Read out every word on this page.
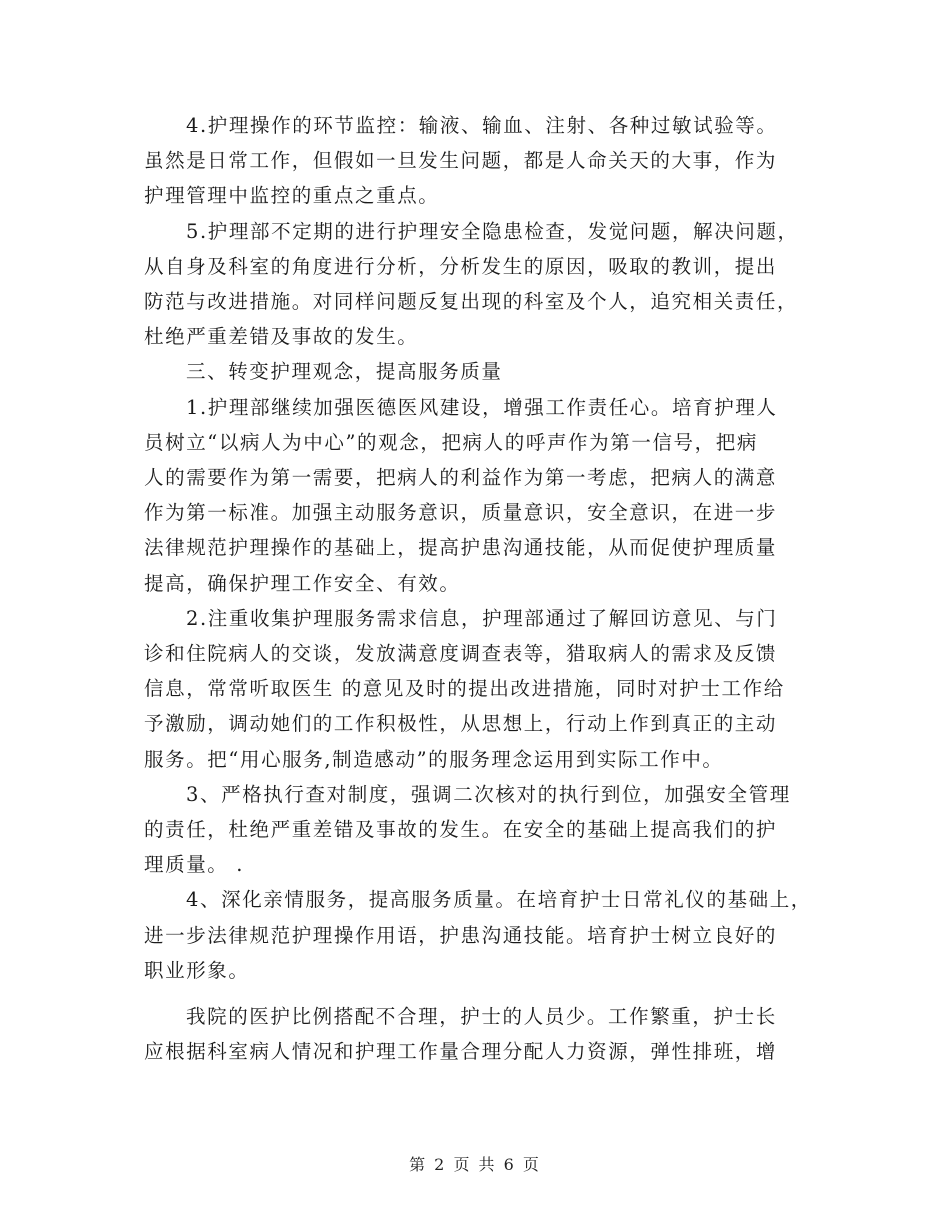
4.护理操作的环节监控：输液、输血、注射、各种过敏试验等。
虽然是日常工作，但假如一旦发生问题，都是人命关天的大事，作为
护理管理中监控的重点之重点。

5.护理部不定期的进行护理安全隐患检查，发觉问题，解决问题，
从自身及科室的角度进行分析，分析发生的原因，吸取的教训，提出
防范与改进措施。对同样问题反复出现的科室及个人，追究相关责任，
杜绝严重差错及事故的发生。

三、转变护理观念，提高服务质量

1.护理部继续加强医德医风建设，增强工作责任心。培育护理人
员树立“以病人为中心”的观念，把病人的呼声作为第一信号，把病
人的需要作为第一需要，把病人的利益作为第一考虑，把病人的满意
作为第一标准。加强主动服务意识，质量意识，安全意识，在进一步
法律规范护理操作的基础上，提高护患沟通技能，从而促使护理质量
提高，确保护理工作安全、有效。

2.注重收集护理服务需求信息，护理部通过了解回访意见、与门
诊和住院病人的交谈，发放满意度调查表等，猎取病人的需求及反馈
信息，常常听取医生 的意见及时的提出改进措施，同时对护士工作给
予激励，调动她们的工作积极性，从思想上，行动上作到真正的主动
服务。把“用心服务,制造感动”的服务理念运用到实际工作中。

3、严格执行查对制度，强调二次核对的执行到位，加强安全管理
的责任，杜绝严重差错及事故的发生。在安全的基础上提高我们的护
理质量。 .

4、深化亲情服务，提高服务质量。在培育护士日常礼仪的基础上，
进一步法律规范护理操作用语，护患沟通技能。培育护士树立良好的
职业形象。

我院的医护比例搭配不合理，护士的人员少。工作繁重，护士长
应根据科室病人情况和护理工作量合理分配人力资源，弹性排班，增

第 2 页 共 6 页
